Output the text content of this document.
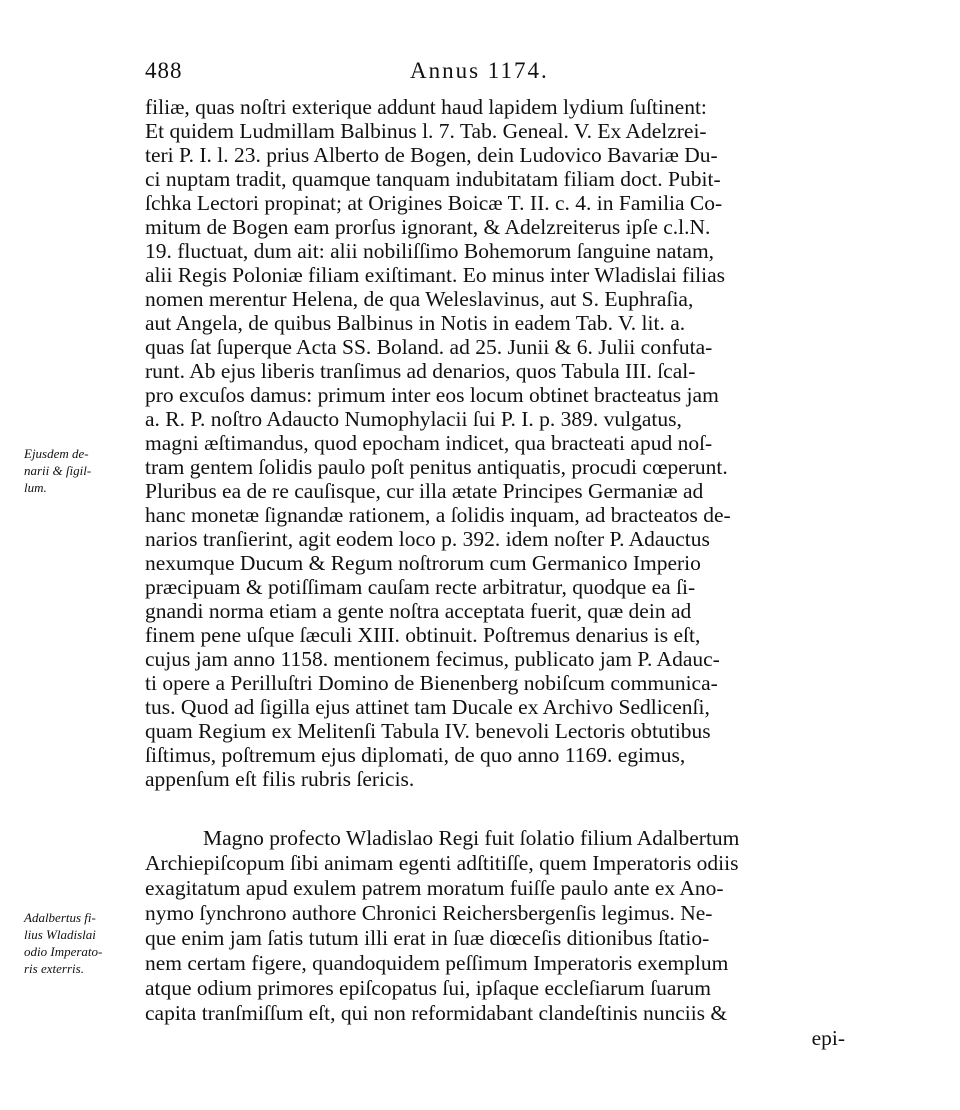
488	Annus 1174.
filiæ, quas noſtri exterique addunt haud lapidem lydium ſuſtinent:
Et quidem Ludmillam Balbinus l. 7. Tab. Geneal. V. Ex Adelzrei-
teri P. I. l. 23. prius Alberto de Bogen, dein Ludovico Bavariæ Du-
ci nuptam tradit, quamque tanquam indubitatam filiam doct. Pubit-
ſchka Lectori propinat; at Origines Boicæ T. II. c. 4. in Familia Co-
mitum de Bogen eam prorſus ignorant, & Adelzreiterus ipſe c.l.N.
19. fluctuat, dum ait: alii nobiliſſimo Bohemorum ſanguine natam,
alii Regis Poloniæ filiam exiſtimant. Eo minus inter Wladislai filias
nomen merentur Helena, de qua Weleslavinus, aut S. Euphraſia,
aut Angela, de quibus Balbinus in Notis in eadem Tab. V. lit. a.
quas ſat ſuperque Acta SS. Boland. ad 25. Junii & 6. Julii confuta-
runt. Ab ejus liberis tranſimus ad denarios, quos Tabula III. ſcal-
pro excuſos damus: primum inter eos locum obtinet bracteatus jam
a. R. P. noſtro Adaucto Numophylacii ſui P. I. p. 389. vulgatus,
magni æſtimandus, quod epocham indicet, qua bracteati apud noſ-
tram gentem ſolidis paulo poſt penitus antiquatis, procudi cœperunt.
Pluribus ea de re cauſisque, cur illa ætate Principes Germaniæ ad
hanc monetæ ſignandæ rationem, a ſolidis inquam, ad bracteatos de-
narios tranſierint, agit eodem loco p. 392. idem noſter P. Adauctus
nexumque Ducum & Regum noſtrorum cum Germanico Imperio
præcipuam & potiſſimam cauſam recte arbitratur, quodque ea ſi-
gnandi norma etiam a gente noſtra acceptata fuerit, quæ dein ad
finem pene uſque ſæculi XIII. obtinuit. Poſtremus denarius is eſt,
cujus jam anno 1158. mentionem fecimus, publicato jam P. Adauc-
ti opere a Perilluſtri Domino de Bienenberg nobiſcum communica-
tus. Quod ad ſigilla ejus attinet tam Ducale ex Archivo Sedlicenſi,
quam Regium ex Melitenſi Tabula IV. benevoli Lectoris obtutibus
ſiſtimus, poſtremum ejus diplomati, de quo anno 1169. egimus,
appenſum eſt filis rubris ſericis.
Magno profecto Wladislao Regi fuit ſolatio filium Adalbertum
Archiepiſcopum ſibi animam egenti adſtitiſſe, quem Imperatoris odiis
exagitatum apud exulem patrem moratum fuiſſe paulo ante ex Ano-
nymo ſynchrono authore Chronici Reichersbergenſis legimus. Ne-
que enim jam ſatis tutum illi erat in ſuæ diœceſis ditionibus ſtatio-
nem certam figere, quandoquidem peſſimum Imperatoris exemplum
atque odium primores epiſcopatus ſui, ipſaque eccleſiarum ſuarum
capita tranſmiſſum eſt, qui non reformidabant clandeſtinis nunciis &
epi-
Ejusdem de-
narii & ſigil-
lum.
Adalbertus fi-
lius Wladislai
odio Imperato-
ris exterris.
